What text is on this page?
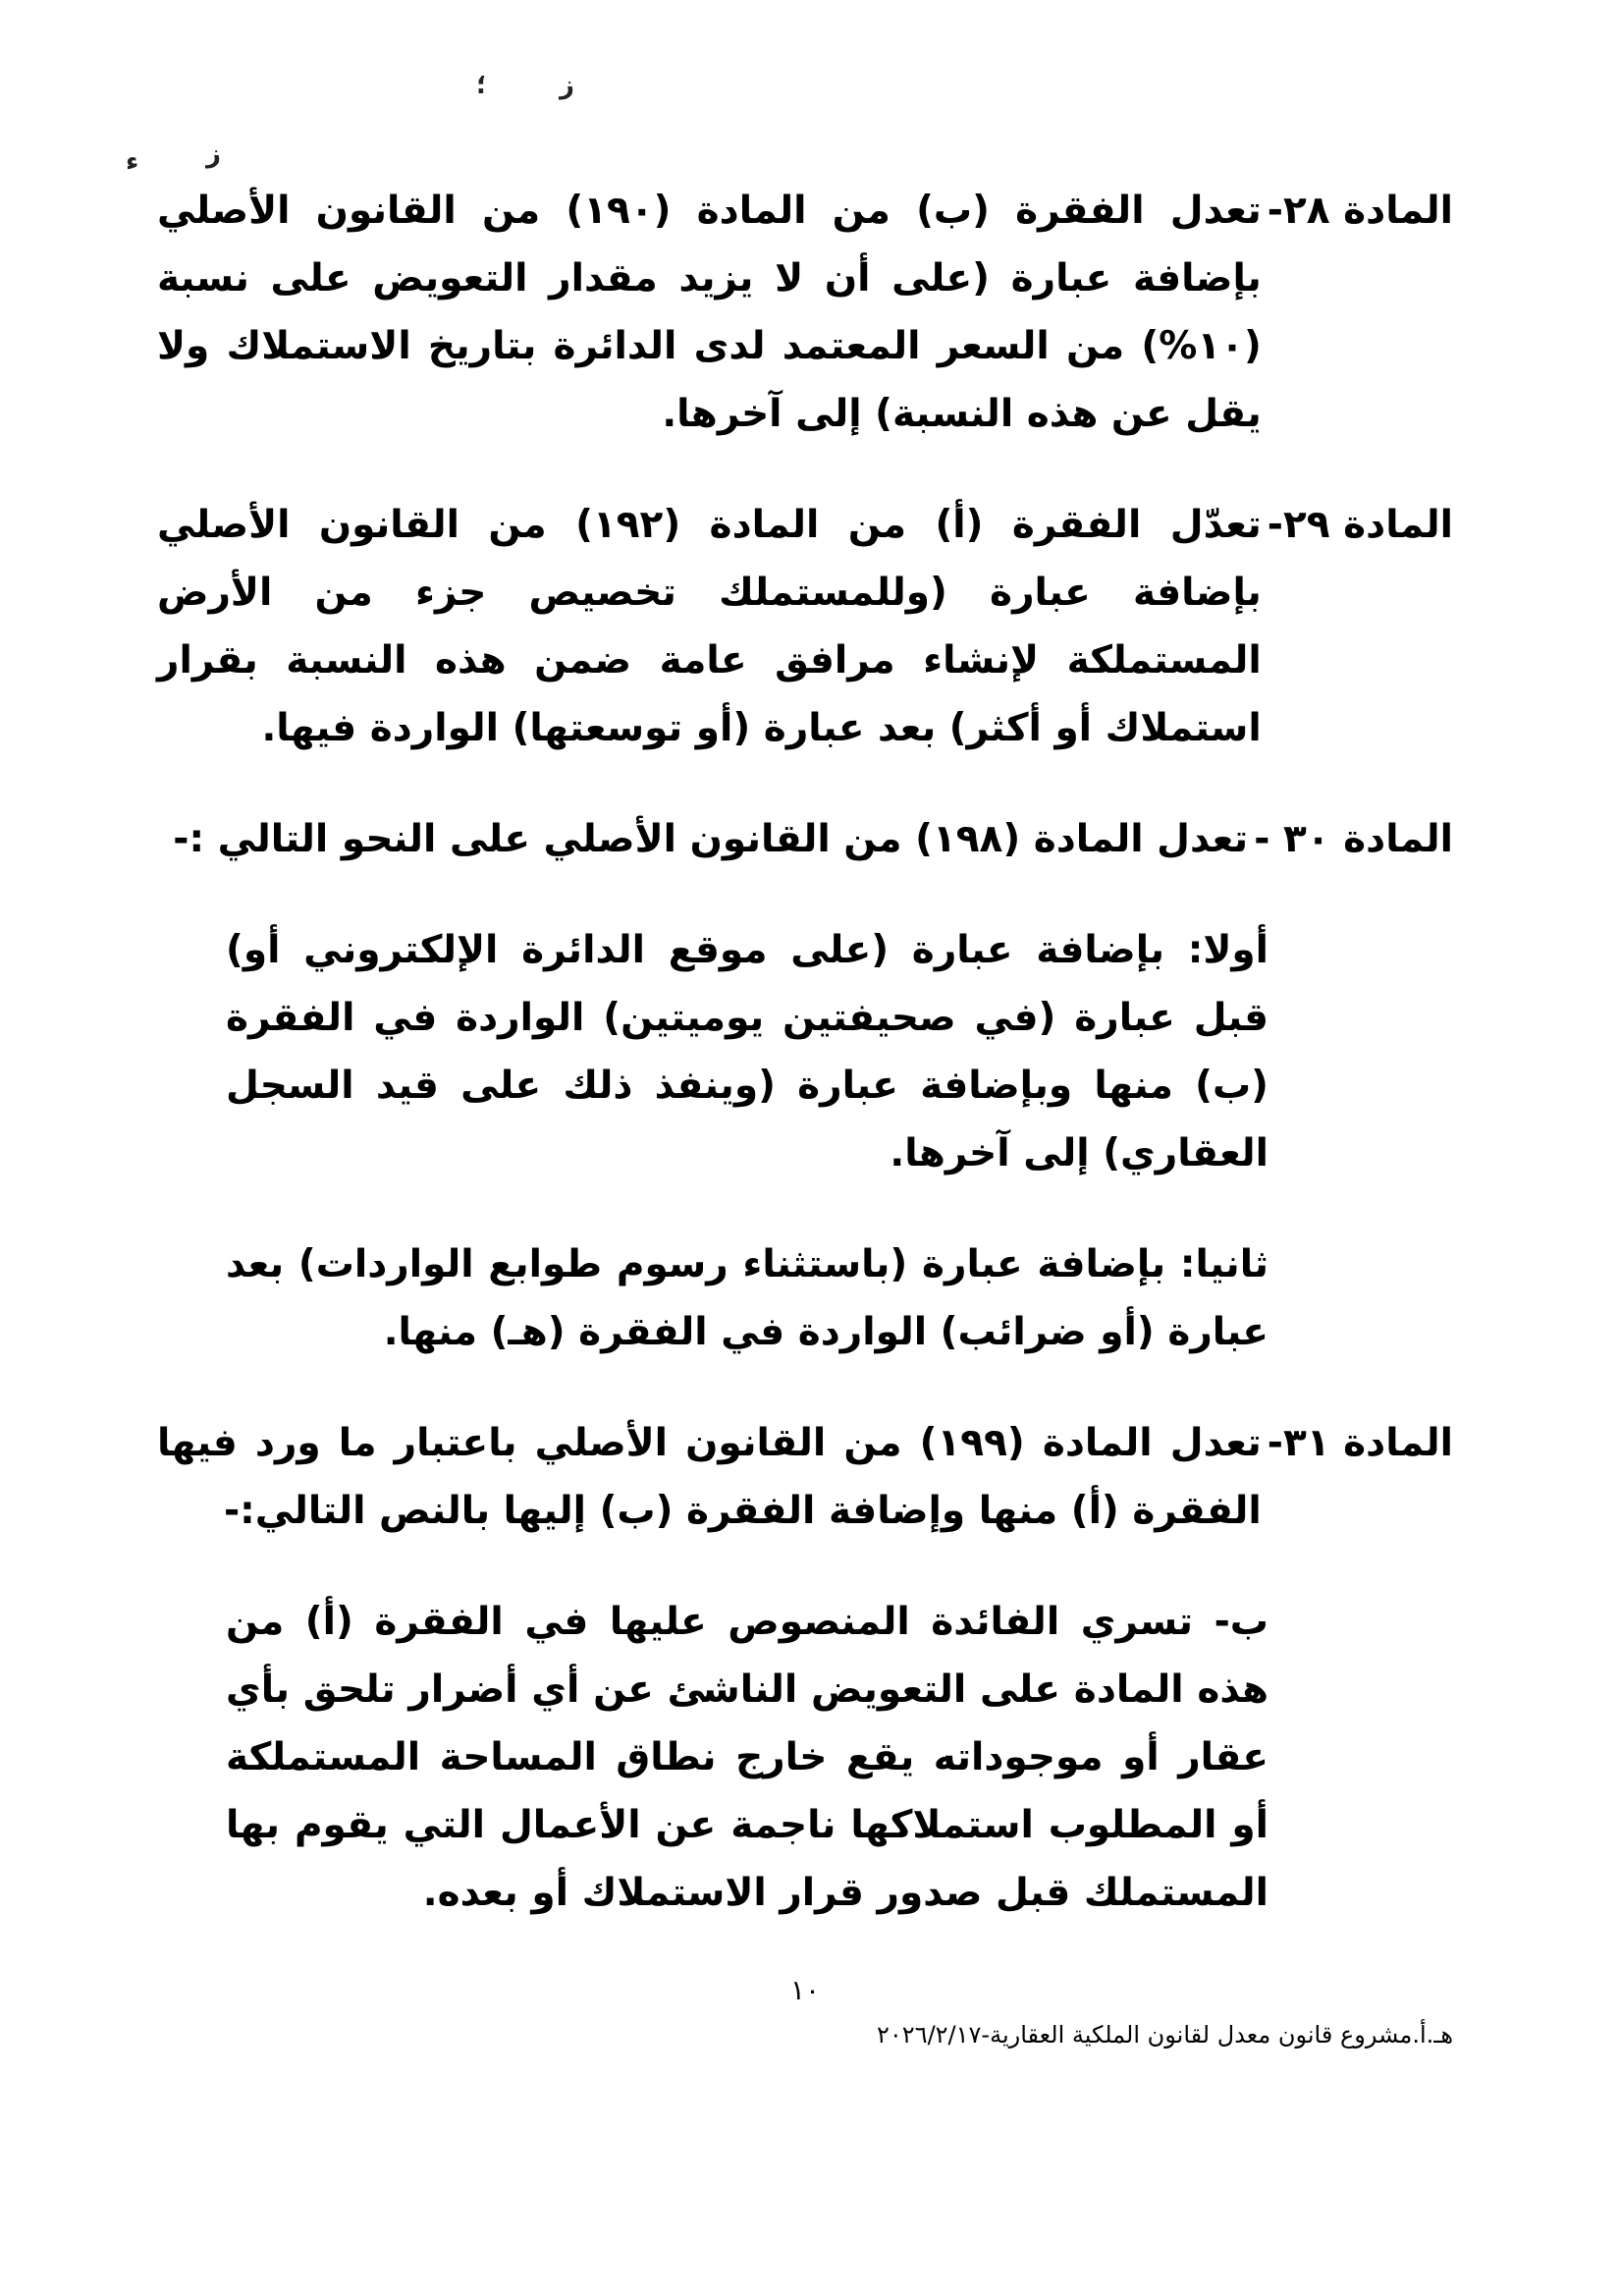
ء	ز
؛	ز
المادة ٢٨-
تعدل الفقرة (ب) من المادة (١٩٠) من القانون الأصلي بإضافة عبارة (على أن لا يزيد مقدار التعويض على نسبة (١٠%) من السعر المعتمد لدى الدائرة بتاريخ الاستملاك ولا يقل عن هذه النسبة) إلى آخرها.
المادة ٢٩-
تعدّل الفقرة (أ) من المادة (١٩٢) من القانون الأصلي بإضافة عبارة (وللمستملك تخصيص جزء من الأرض المستملكة لإنشاء مرافق عامة ضمن هذه النسبة بقرار استملاك أو أكثر) بعد عبارة (أو توسعتها) الواردة فيها.
المادة ٣٠ -
تعدل المادة (١٩٨) من القانون الأصلي على النحو التالي :-
أولا: بإضافة عبارة (على موقع الدائرة الإلكتروني أو) قبل عبارة (في صحيفتين يوميتين) الواردة في الفقرة (ب) منها وبإضافة عبارة (وينفذ ذلك على قيد السجل العقاري) إلى آخرها.
ثانيا: بإضافة عبارة (باستثناء رسوم طوابع الواردات) بعد عبارة (أو ضرائب) الواردة في الفقرة (هـ) منها.
المادة ٣١-
تعدل المادة (١٩٩) من القانون الأصلي باعتبار ما ورد فيها الفقرة (أ) منها وإضافة الفقرة (ب) إليها بالنص التالي:-
ب- تسري الفائدة المنصوص عليها في الفقرة (أ) من هذه المادة على التعويض الناشئ عن أي أضرار تلحق بأي عقار أو موجوداته يقع خارج نطاق المساحة المستملكة أو المطلوب استملاكها ناجمة عن الأعمال التي يقوم بها المستملك قبل صدور قرار الاستملاك أو بعده.
١٠
هـ.أ.مشروع قانون معدل لقانون الملكية العقارية-٢٠٢٦/٢/١٧
